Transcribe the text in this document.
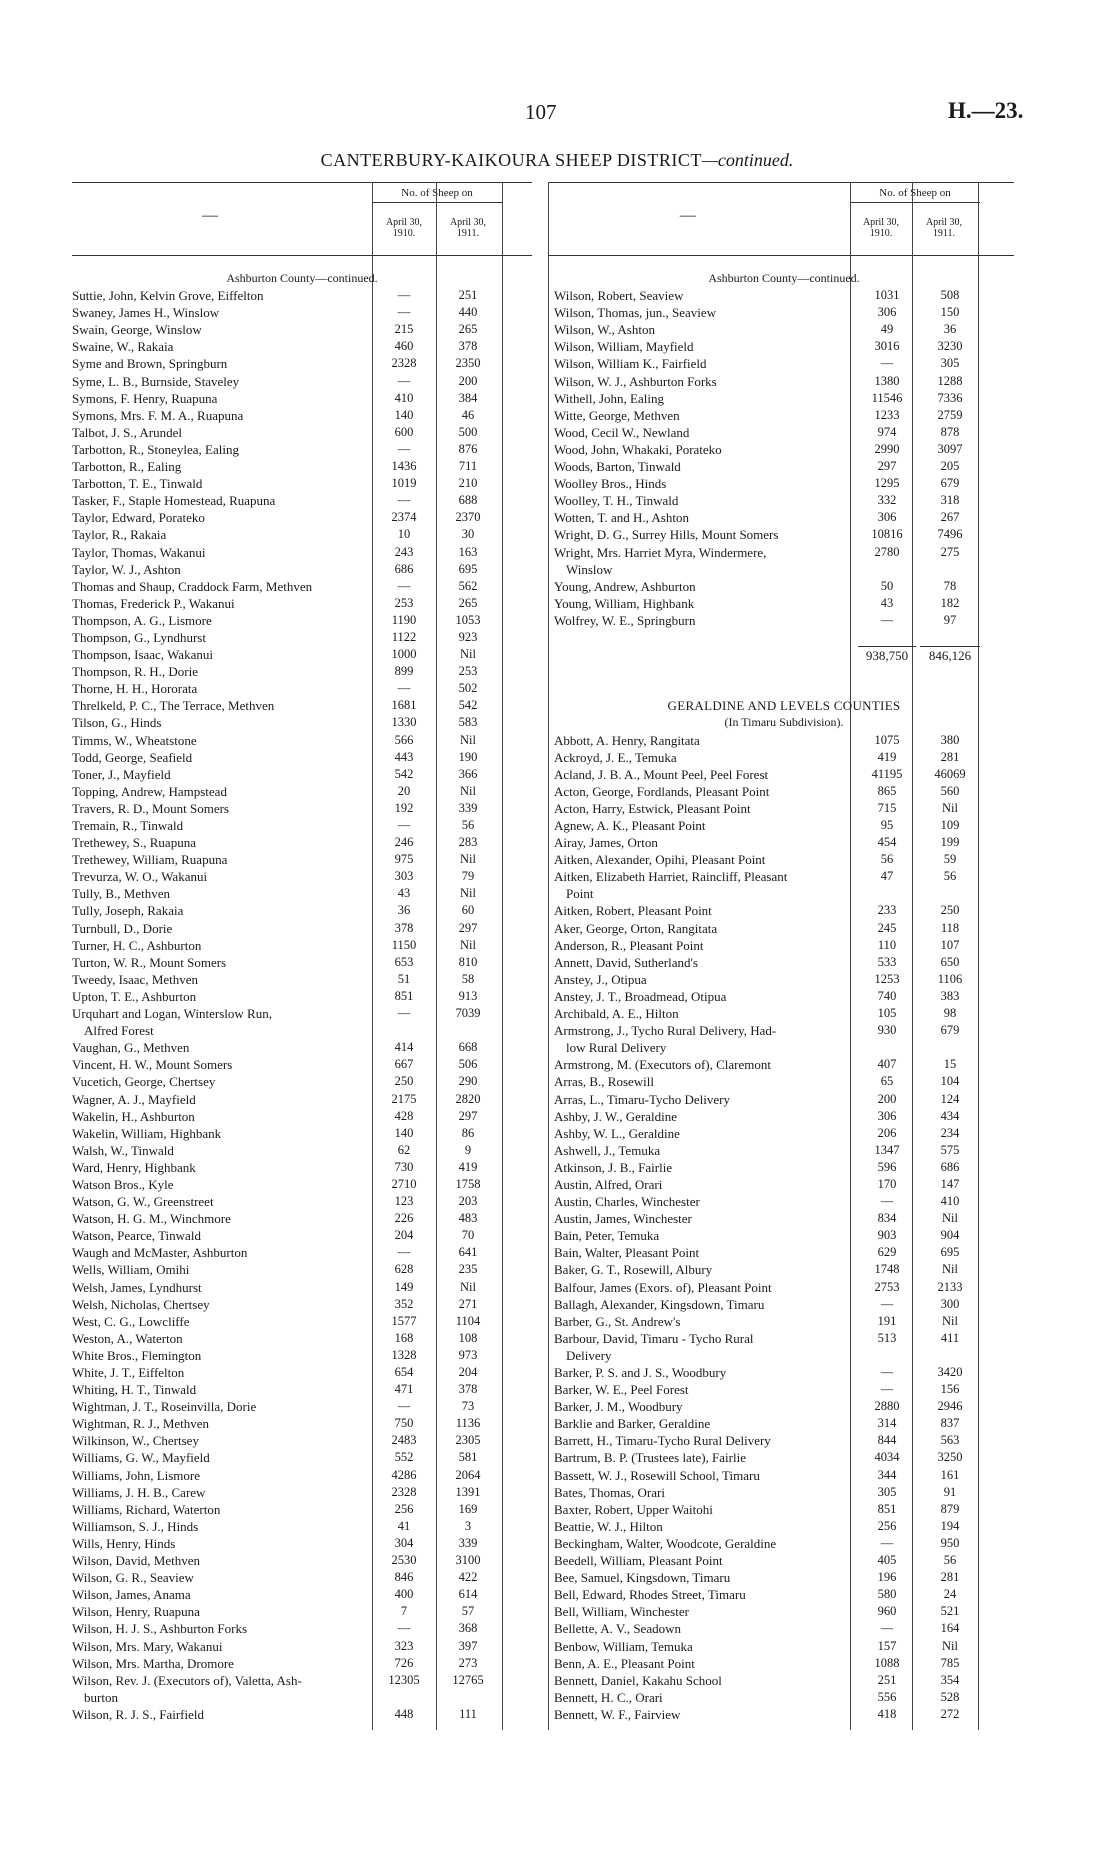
107	H.—23.
CANTERBURY-KAIKOURA SHEEP DISTRICT—continued.
—
No. of Sheep on
April 30, 1910.
April 30, 1911.
Ashburton County—continued.
Suttie, John, Kelvin Grove, Eiffelton	—	251
Swaney, James H., Winslow	—	440
Swain, George, Winslow	215	265
Swaine, W., Rakaia	460	378
Syme and Brown, Springburn	2328	2350
Syme, L. B., Burnside, Staveley	—	200
Symons, F. Henry, Ruapuna	410	384
Symons, Mrs. F. M. A., Ruapuna	140	46
Talbot, J. S., Arundel	600	500
Tarbotton, R., Stoneylea, Ealing	—	876
Tarbotton, R., Ealing	1436	711
Tarbotton, T. E., Tinwald	1019	210
Tasker, F., Staple Homestead, Ruapuna	—	688
Taylor, Edward, Porateko	2374	2370
Taylor, R., Rakaia	10	30
Taylor, Thomas, Wakanui	243	163
Taylor, W. J., Ashton	686	695
Thomas and Shaup, Craddock Farm, Methven	—	562
Thomas, Frederick P., Wakanui	253	265
Thompson, A. G., Lismore	1190	1053
Thompson, G., Lyndhurst	1122	923
Thompson, Isaac, Wakanui	1000	Nil
Thompson, R. H., Dorie	899	253
Thorne, H. H., Hororata	—	502
Threlkeld, P. C., The Terrace, Methven	1681	542
Tilson, G., Hinds	1330	583
Timms, W., Wheatstone	566	Nil
Todd, George, Seafield	443	190
Toner, J., Mayfield	542	366
Topping, Andrew, Hampstead	20	Nil
Travers, R. D., Mount Somers	192	339
Tremain, R., Tinwald	—	56
Trethewey, S., Ruapuna	246	283
Trethewey, William, Ruapuna	975	Nil
Trevurza, W. O., Wakanui	303	79
Tully, B., Methven	43	Nil
Tully, Joseph, Rakaia	36	60
Turnbull, D., Dorie	378	297
Turner, H. C., Ashburton	1150	Nil
Turton, W. R., Mount Somers	653	810
Tweedy, Isaac, Methven	51	58
Upton, T. E., Ashburton	851	913
Urquhart and Logan, Winterslow Run,	—	7039
Alfred Forest
Vaughan, G., Methven	414	668
Vincent, H. W., Mount Somers	667	506
Vucetich, George, Chertsey	250	290
Wagner, A. J., Mayfield	2175	2820
Wakelin, H., Ashburton	428	297
Wakelin, William, Highbank	140	86
Walsh, W., Tinwald	62	9
Ward, Henry, Highbank	730	419
Watson Bros., Kyle	2710	1758
Watson, G. W., Greenstreet	123	203
Watson, H. G. M., Winchmore	226	483
Watson, Pearce, Tinwald	204	70
Waugh and McMaster, Ashburton	—	641
Wells, William, Omihi	628	235
Welsh, James, Lyndhurst	149	Nil
Welsh, Nicholas, Chertsey	352	271
West, C. G., Lowcliffe	1577	1104
Weston, A., Waterton	168	108
White Bros., Flemington	1328	973
White, J. T., Eiffelton	654	204
Whiting, H. T., Tinwald	471	378
Wightman, J. T., Roseinvilla, Dorie	—	73
Wightman, R. J., Methven	750	1136
Wilkinson, W., Chertsey	2483	2305
Williams, G. W., Mayfield	552	581
Williams, John, Lismore	4286	2064
Williams, J. H. B., Carew	2328	1391
Williams, Richard, Waterton	256	169
Williamson, S. J., Hinds	41	3
Wills, Henry, Hinds	304	339
Wilson, David, Methven	2530	3100
Wilson, G. R., Seaview	846	422
Wilson, James, Anama	400	614
Wilson, Henry, Ruapuna	7	57
Wilson, H. J. S., Ashburton Forks	—	368
Wilson, Mrs. Mary, Wakanui	323	397
Wilson, Mrs. Martha, Dromore	726	273
Wilson, Rev. J. (Executors of), Valetta, Ash-	12305	12765
burton
Wilson, R. J. S., Fairfield	448	111
—
No. of Sheep on
April 30, 1910.
April 30, 1911.
Ashburton County—continued.
Wilson, Robert, Seaview	1031	508
Wilson, Thomas, jun., Seaview	306	150
Wilson, W., Ashton	49	36
Wilson, William, Mayfield	3016	3230
Wilson, William K., Fairfield	—	305
Wilson, W. J., Ashburton Forks	1380	1288
Withell, John, Ealing	11546	7336
Witte, George, Methven	1233	2759
Wood, Cecil W., Newland	974	878
Wood, John, Whakaki, Porateko	2990	3097
Woods, Barton, Tinwald	297	205
Woolley Bros., Hinds	1295	679
Woolley, T. H., Tinwald	332	318
Wotten, T. and H., Ashton	306	267
Wright, D. G., Surrey Hills, Mount Somers	10816	7496
Wright, Mrs. Harriet Myra, Windermere,	2780	275
Winslow
Young, Andrew, Ashburton	50	78
Young, William, Highbank	43	182
Wolfrey, W. E., Springburn	—	97
938,750	846,126
GERALDINE AND LEVELS COUNTIES
(In Timaru Subdivision).
Abbott, A. Henry, Rangitata	1075	380
Ackroyd, J. E., Temuka	419	281
Acland, J. B. A., Mount Peel, Peel Forest	41195	46069
Acton, George, Fordlands, Pleasant Point	865	560
Acton, Harry, Estwick, Pleasant Point	715	Nil
Agnew, A. K., Pleasant Point	95	109
Airay, James, Orton	454	199
Aitken, Alexander, Opihi, Pleasant Point	56	59
Aitken, Elizabeth Harriet, Raincliff, Pleasant	47	56
Point
Aitken, Robert, Pleasant Point	233	250
Aker, George, Orton, Rangitata	245	118
Anderson, R., Pleasant Point	110	107
Annett, David, Sutherland's	533	650
Anstey, J., Otipua	1253	1106
Anstey, J. T., Broadmead, Otipua	740	383
Archibald, A. E., Hilton	105	98
Armstrong, J., Tycho Rural Delivery, Had-	930	679
low Rural Delivery
Armstrong, M. (Executors of), Claremont	407	15
Arras, B., Rosewill	65	104
Arras, L., Timaru-Tycho Delivery	200	124
Ashby, J. W., Geraldine	306	434
Ashby, W. L., Geraldine	206	234
Ashwell, J., Temuka	1347	575
Atkinson, J. B., Fairlie	596	686
Austin, Alfred, Orari	170	147
Austin, Charles, Winchester	—	410
Austin, James, Winchester	834	Nil
Bain, Peter, Temuka	903	904
Bain, Walter, Pleasant Point	629	695
Baker, G. T., Rosewill, Albury	1748	Nil
Balfour, James (Exors. of), Pleasant Point	2753	2133
Ballagh, Alexander, Kingsdown, Timaru	—	300
Barber, G., St. Andrew's	191	Nil
Barbour, David, Timaru - Tycho Rural	513	411
Delivery
Barker, P. S. and J. S., Woodbury	—	3420
Barker, W. E., Peel Forest	—	156
Barker, J. M., Woodbury	2880	2946
Barklie and Barker, Geraldine	314	837
Barrett, H., Timaru-Tycho Rural Delivery	844	563
Bartrum, B. P. (Trustees late), Fairlie	4034	3250
Bassett, W. J., Rosewill School, Timaru	344	161
Bates, Thomas, Orari	305	91
Baxter, Robert, Upper Waitohi	851	879
Beattie, W. J., Hilton	256	194
Beckingham, Walter, Woodcote, Geraldine	—	950
Beedell, William, Pleasant Point	405	56
Bee, Samuel, Kingsdown, Timaru	196	281
Bell, Edward, Rhodes Street, Timaru	580	24
Bell, William, Winchester	960	521
Bellette, A. V., Seadown	—	164
Benbow, William, Temuka	157	Nil
Benn, A. E., Pleasant Point	1088	785
Bennett, Daniel, Kakahu School	251	354
Bennett, H. C., Orari	556	528
Bennett, W. F., Fairview	418	272
